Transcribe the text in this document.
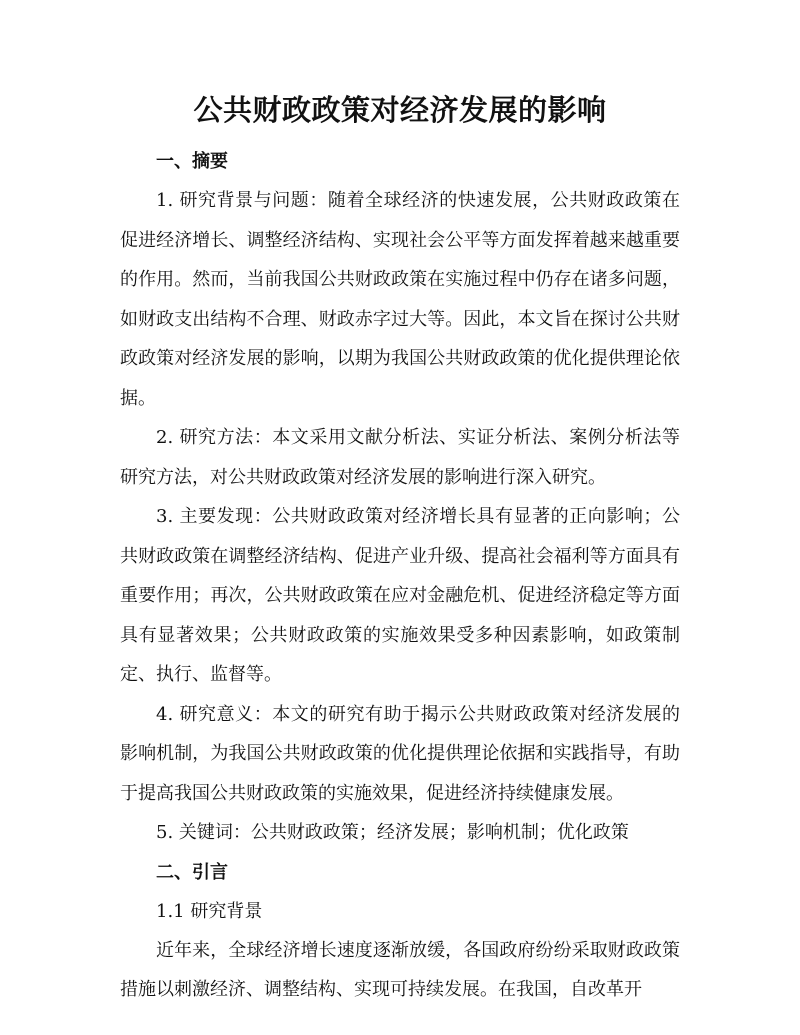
公共财政政策对经济发展的影响

一、摘要

1. 研究背景与问题：随着全球经济的快速发展，公共财政政策在促进经济增长、调整经济结构、实现社会公平等方面发挥着越来越重要的作用。然而，当前我国公共财政政策在实施过程中仍存在诸多问题，如财政支出结构不合理、财政赤字过大等。因此，本文旨在探讨公共财政政策对经济发展的影响，以期为我国公共财政政策的优化提供理论依据。

2. 研究方法：本文采用文献分析法、实证分析法、案例分析法等研究方法，对公共财政政策对经济发展的影响进行深入研究。

3. 主要发现：公共财政政策对经济增长具有显著的正向影响；公共财政政策在调整经济结构、促进产业升级、提高社会福利等方面具有重要作用；再次，公共财政政策在应对金融危机、促进经济稳定等方面具有显著效果；公共财政政策的实施效果受多种因素影响，如政策制定、执行、监督等。

4. 研究意义：本文的研究有助于揭示公共财政政策对经济发展的影响机制，为我国公共财政政策的优化提供理论依据和实践指导，有助于提高我国公共财政政策的实施效果，促进经济持续健康发展。

5. 关键词：公共财政政策；经济发展；影响机制；优化政策

二、引言

1.1 研究背景

近年来，全球经济增长速度逐渐放缓，各国政府纷纷采取财政政策措施以刺激经济、调整结构、实现可持续发展。在我国，自改革开
